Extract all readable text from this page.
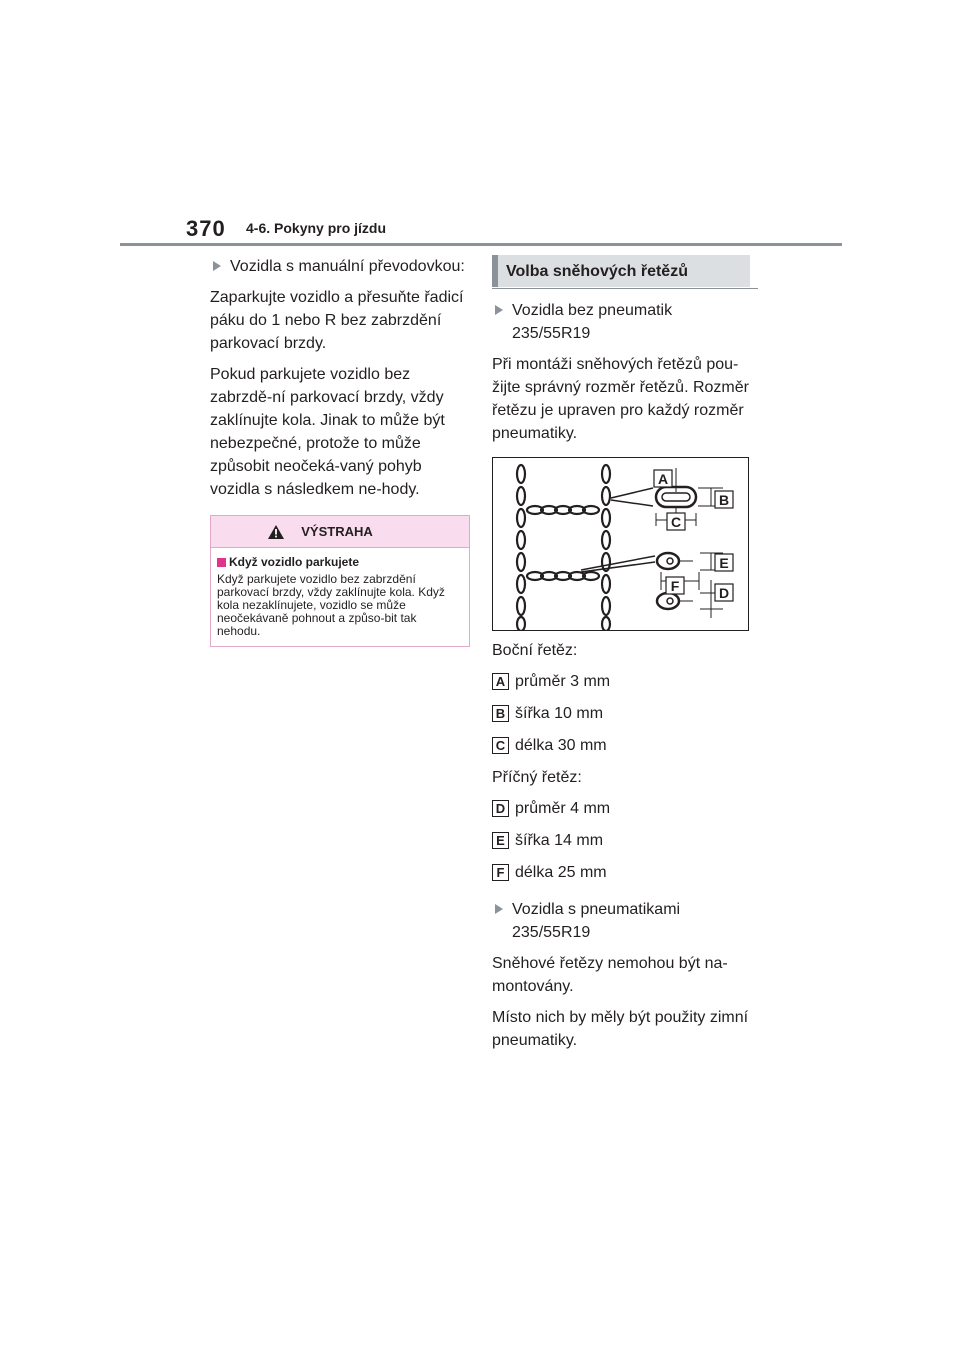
370 4-6. Pokyny pro jízdu
Vozidla s manuální převodovkou:

Zaparkujte vozidlo a přesuňte řadicí páku do 1 nebo R bez zabrzdění parkovací brzdy.

Pokud parkujete vozidlo bez zabrzdě-ní parkovací brzdy, vždy zaklínujte kola. Jinak to může být nebezpečné, protože to může způsobit neočeká-vaný pohyb vozidla s následkem ne-hody.

VÝSTRAHA
Když vozidlo parkujete
Když parkujete vozidlo bez zabrzdění parkovací brzdy, vždy zaklínujte kola. Když kola nezaklínujete, vozidlo se může neočekávaně pohnout a způso-bit tak nehodu.
Volba sněhových řetězů
Vozidla bez pneumatik 235/55R19

Při montáži sněhových řetězů pou-žijte správný rozměr řetězů. Rozměr řetězu je upraven pro každý rozměr pneumatiky.

A
B
C
E
F	D

Boční řetěz:

A průměr 3 mm
B šířka 10 mm
C délka 30 mm

Příčný řetěz:

D průměr 4 mm
E šířka 14 mm
F délka 25 mm
Vozidla s pneumatikami 235/55R19

Sněhové řetězy nemohou být na-montovány.

Místo nich by měly být použity zimní pneumatiky.
